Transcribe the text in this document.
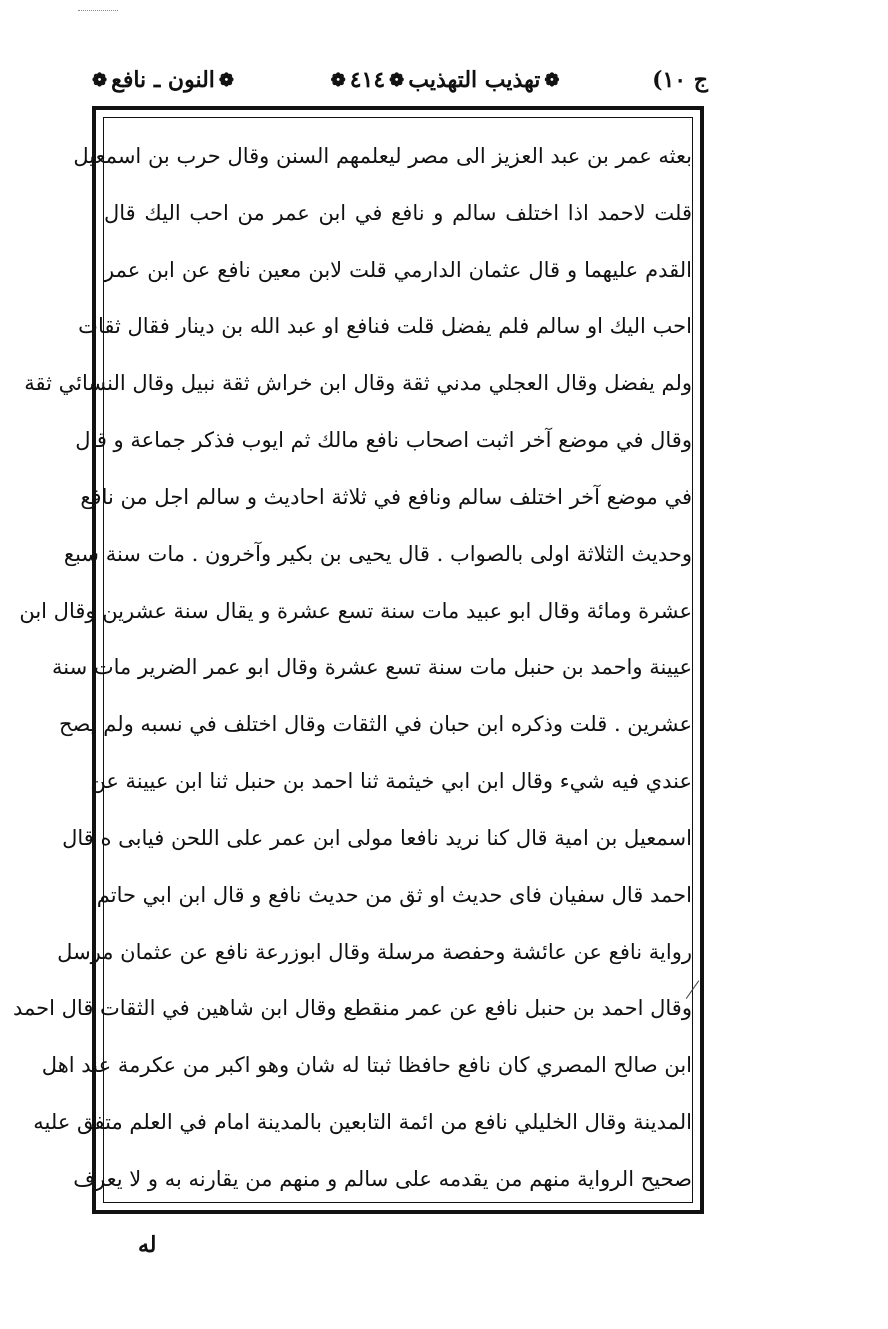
ج ١٠)
❁
تهذيب التهذيب
❁
٤١٤
❁
❁
النون ـ نافع
❁
بعثه عمر بن عبد العزيز الى مصر ليعلمهم السنن وقال حرب بن اسمعيل
قلت لاحمد اذا اختلف سالم و نافع في ابن عمر من احب اليك قال
القدم عليهما و قال عثمان الدارمي قلت لابن معين نافع عن ابن عمر
احب اليك او سالم فلم يفضل قلت فنافع او عبد الله بن دينار فقال ثقات
ولم يفضل وقال العجلي مدني ثقة وقال ابن خراش ثقة نبيل وقال النسائي ثقة
وقال في موضع آخر اثبت اصحاب نافع مالك ثم ايوب فذكر جماعة و قال
في موضع آخر اختلف سالم ونافع في ثلاثة احاديث و سالم اجل من نافع
وحديث الثلاثة اولى بالصواب . قال يحيى بن بكير وآخرون . مات سنة سبع
عشرة ومائة وقال ابو عبيد مات سنة تسع عشرة و يقال سنة عشرين وقال ابن
عيينة واحمد بن حنبل مات سنة تسع عشرة وقال ابو عمر الضرير مات سنة
عشرين . قلت وذكره ابن حبان في الثقات وقال اختلف في نسبه ولم يصح
عندي فيه شيء وقال ابن ابي خيثمة ثنا احمد بن حنبل ثنا ابن عيينة عن
اسمعيل بن امية قال كنا نريد نافعا مولى ابن عمر على اللحن فيابى ه قال
احمد قال سفيان فاى حديث او ثق من حديث نافع و قال ابن ابي حاتم
رواية نافع عن عائشة وحفصة مرسلة وقال ابوزرعة نافع عن عثمان مرسل
وقال احمد بن حنبل نافع عن عمر منقطع وقال ابن شاهين في الثقات قال احمد
ابن صالح المصري كان نافع حافظا ثبتا له شان وهو اكبر من عكرمة عند اهل
المدينة وقال الخليلي نافع من ائمة التابعين بالمدينة امام في العلم متفق عليه
صحيح الرواية منهم من يقدمه على سالم و منهم من يقارنه به و لا يعرف
له
